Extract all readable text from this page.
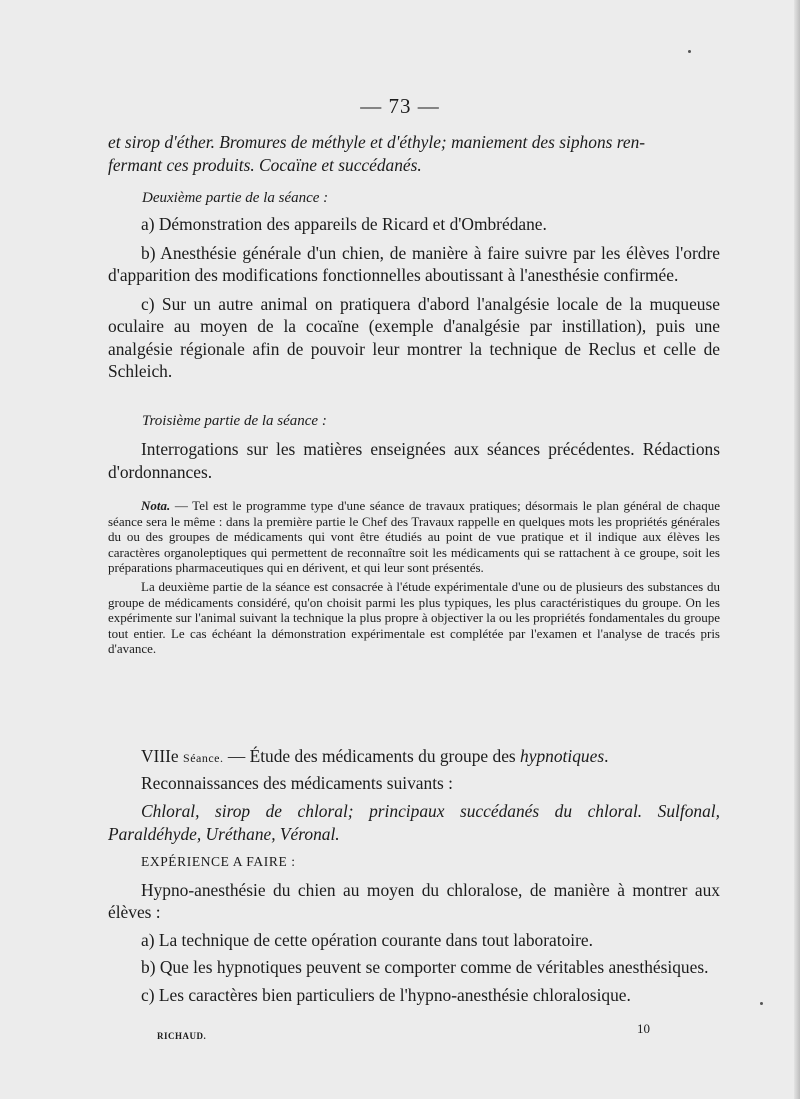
— 73 —

et sirop d'éther. Bromures de méthyle et d'éthyle; maniement des siphons ren-

fermant ces produits. Cocaïne et succédanés.

Deuxième partie de la séance :

a) Démonstration des appareils de Ricard et d'Ombrédane.

b) Anesthésie générale d'un chien, de manière à faire suivre par les élèves l'ordre d'apparition des modifications fonctionnelles aboutissant à l'anesthésie confirmée.

c) Sur un autre animal on pratiquera d'abord l'analgésie locale de la muqueuse oculaire au moyen de la cocaïne (exemple d'analgésie par instillation), puis une analgésie régionale afin de pouvoir leur montrer la technique de Reclus et celle de Schleich.

Troisième partie de la séance :

Interrogations sur les matières enseignées aux séances précédentes. Rédactions d'ordonnances.

Nota. — Tel est le programme type d'une séance de travaux pratiques; désormais le plan général de chaque séance sera le même : dans la première partie le Chef des Travaux rappelle en quelques mots les propriétés générales du ou des groupes de médicaments qui vont être étudiés au point de vue pratique et il indique aux élèves les caractères organoleptiques qui permettent de reconnaître soit les médicaments qui se rattachent à ce groupe, soit les préparations pharmaceutiques qui en dérivent, et qui leur sont présentés.

La deuxième partie de la séance est consacrée à l'étude expérimentale d'une ou de plusieurs des substances du groupe de médicaments considéré, qu'on choisit parmi les plus typiques, les plus caractéristiques du groupe. On les expérimente sur l'animal suivant la technique la plus propre à objectiver la ou les propriétés fondamentales du groupe tout entier. Le cas échéant la démonstration expérimentale est complétée par l'examen et l'analyse de tracés pris d'avance.

VIIIe Séance. — Étude des médicaments du groupe des hypnotiques.

Reconnaissances des médicaments suivants :

Chloral, sirop de chloral; principaux succédanés du chloral. Sulfonal, Paraldéhyde, Uréthane, Véronal.

EXPÉRIENCE A FAIRE :

Hypno-anesthésie du chien au moyen du chloralose, de manière à montrer aux élèves :

a) La technique de cette opération courante dans tout laboratoire.

b) Que les hypnotiques peuvent se comporter comme de véritables anesthésiques.

c) Les caractères bien particuliers de l'hypno-anesthésie chloralosique.

RICHAUD.	10
